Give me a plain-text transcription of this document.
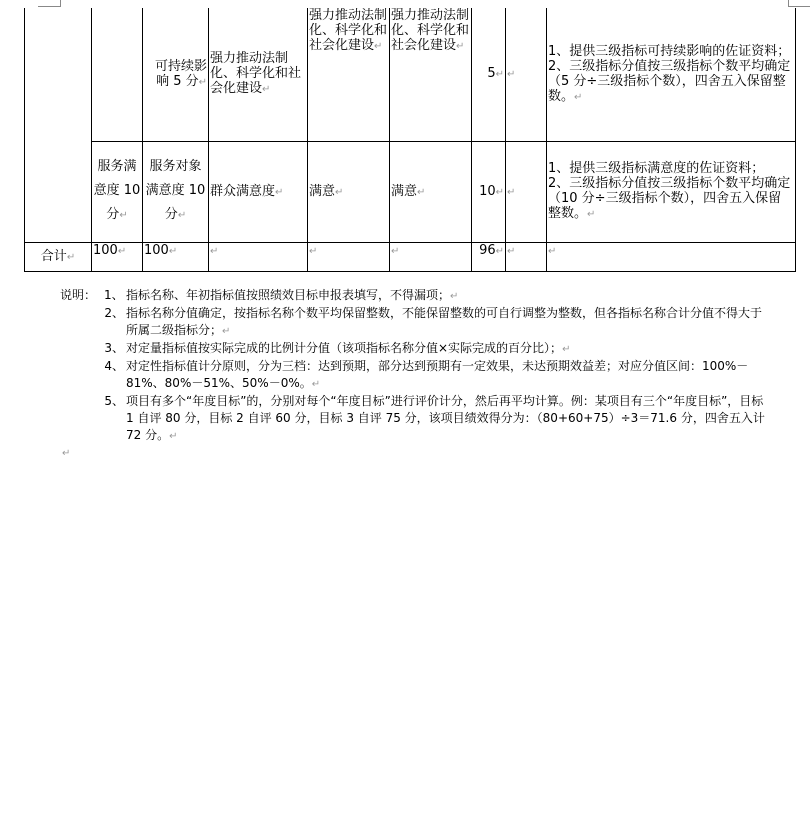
		可持续影响 5 分↵	强力推动法制化、科学化和社会化建设↵	强力推动法制化、科学化和社会化建设↵	强力推动法制化、科学化和社会化建设↵	5↵	↵	1、提供三级指标可持续影响的佐证资料；
2、三级指标分值按三级指标个数平均确定（5 分÷三级指标个数），四舍五入保留整数。↵
	服务满意度 10 分↵	服务对象满意度 10 分↵	群众满意度↵	满意↵	满意↵	10↵	↵	1、提供三级指标满意度的佐证资料；
2、三级指标分值按三级指标个数平均确定（10 分÷三级指标个数），四舍五入保留整数。↵
合计↵	100↵	100↵	↵	↵	↵	96↵	↵	↵
说明： 1、 指标名称、年初指标值按照绩效目标申报表填写，不得漏项；↵
2、 指标名称分值确定，按指标名称个数平均保留整数，不能保留整数的可自行调整为整数，但各指标名称合计分值不得大于所属二级指标分；↵
3、 对定量指标值按实际完成的比例计分值（该项指标名称分值×实际完成的百分比）；↵
4、 对定性指标值计分原则，分为三档：达到预期，部分达到预期有一定效果，未达预期效益差；对应分值区间：100%－81%、80%－51%、50%－0%。↵
5、 项目有多个“年度目标”的，分别对每个“年度目标”进行评价计分，然后再平均计算。例：某项目有三个“年度目标”，目标 1 自评 80 分，目标 2 自评 60 分，目标 3 自评 75 分，该项目绩效得分为：（80+60+75）÷3＝71.6 分，四舍五入计 72 分。↵
↵
